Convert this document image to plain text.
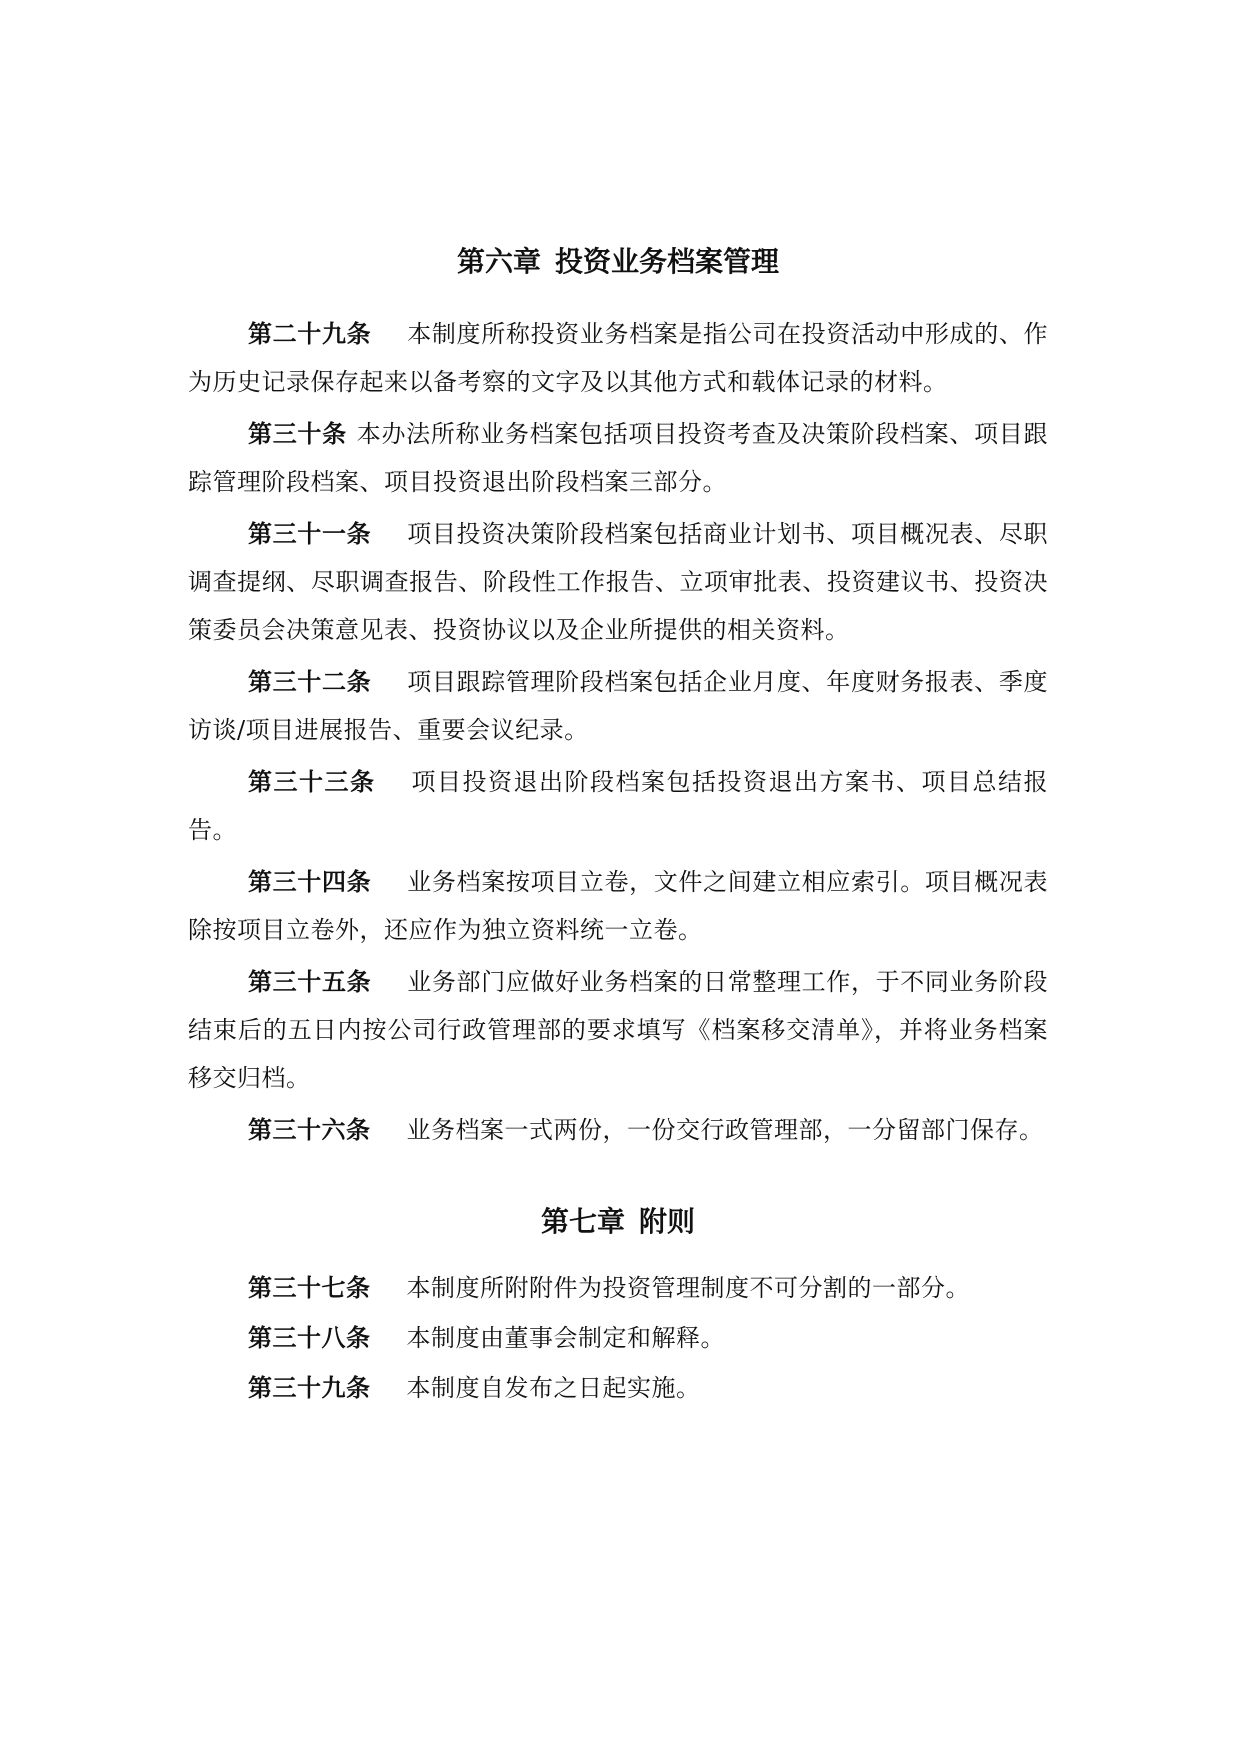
第六章 投资业务档案管理

第二十九条 本制度所称投资业务档案是指公司在投资活动中形成的、作为历史记录保存起来以备考察的文字及以其他方式和载体记录的材料。

第三十条 本办法所称业务档案包括项目投资考查及决策阶段档案、项目跟踪管理阶段档案、项目投资退出阶段档案三部分。

第三十一条 项目投资决策阶段档案包括商业计划书、项目概况表、尽职调查提纲、尽职调查报告、阶段性工作报告、立项审批表、投资建议书、投资决策委员会决策意见表、投资协议以及企业所提供的相关资料。

第三十二条 项目跟踪管理阶段档案包括企业月度、年度财务报表、季度访谈/项目进展报告、重要会议纪录。

第三十三条 项目投资退出阶段档案包括投资退出方案书、项目总结报告。

第三十四条 业务档案按项目立卷，文件之间建立相应索引。项目概况表除按项目立卷外，还应作为独立资料统一立卷。

第三十五条 业务部门应做好业务档案的日常整理工作，于不同业务阶段结束后的五日内按公司行政管理部的要求填写《档案移交清单》，并将业务档案移交归档。

第三十六条 业务档案一式两份，一份交行政管理部，一分留部门保存。

第七章 附则

第三十七条 本制度所附附件为投资管理制度不可分割的一部分。

第三十八条 本制度由董事会制定和解释。

第三十九条 本制度自发布之日起实施。
